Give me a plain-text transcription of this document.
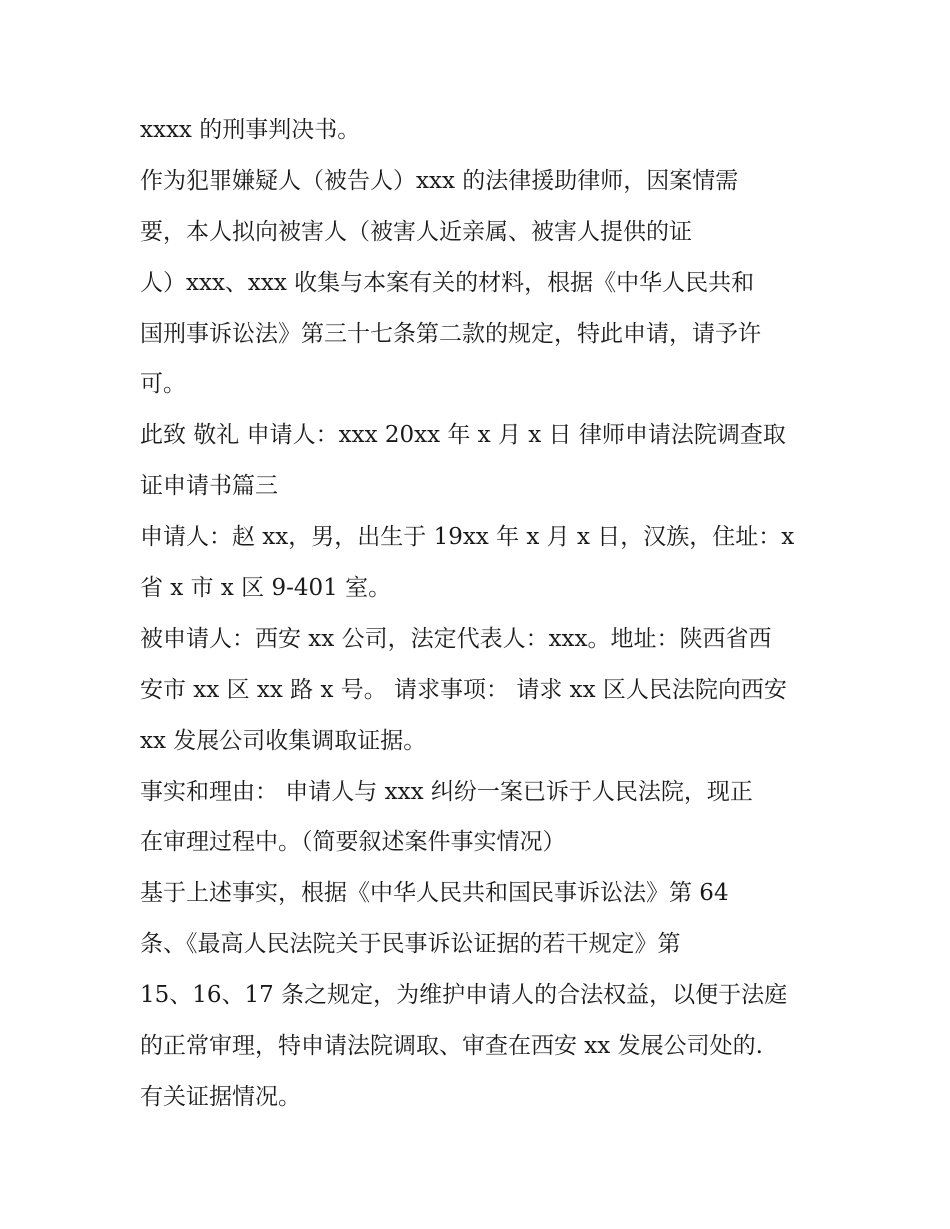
xxxx 的刑事判决书。
作为犯罪嫌疑人（被告人）xxx 的法律援助律师，因案情需
要，本人拟向被害人（被害人近亲属、被害人提供的证
人）xxx、xxx 收集与本案有关的材料，根据《中华人民共和
国刑事诉讼法》第三十七条第二款的规定，特此申请，请予许
可。
此致 敬礼 申请人：xxx 20xx 年 x 月 x 日 律师申请法院调查取
证申请书篇三
申请人：赵 xx，男，出生于 19xx 年 x 月 x 日，汉族，住址：x
省 x 市 x 区 9-401 室。
被申请人：西安 xx 公司，法定代表人：xxx。地址：陕西省西
安市 xx 区 xx 路 x 号。 请求事项： 请求 xx 区人民法院向西安
xx 发展公司收集调取证据。
事实和理由： 申请人与 xxx 纠纷一案已诉于人民法院，现正
在审理过程中。（简要叙述案件事实情况）
基于上述事实，根据《中华人民共和国民事诉讼法》第 64
条、《最高人民法院关于民事诉讼证据的若干规定》第
15、16、17 条之规定，为维护申请人的合法权益，以便于法庭
的正常审理，特申请法院调取、审查在西安 xx 发展公司处的.
有关证据情况。
